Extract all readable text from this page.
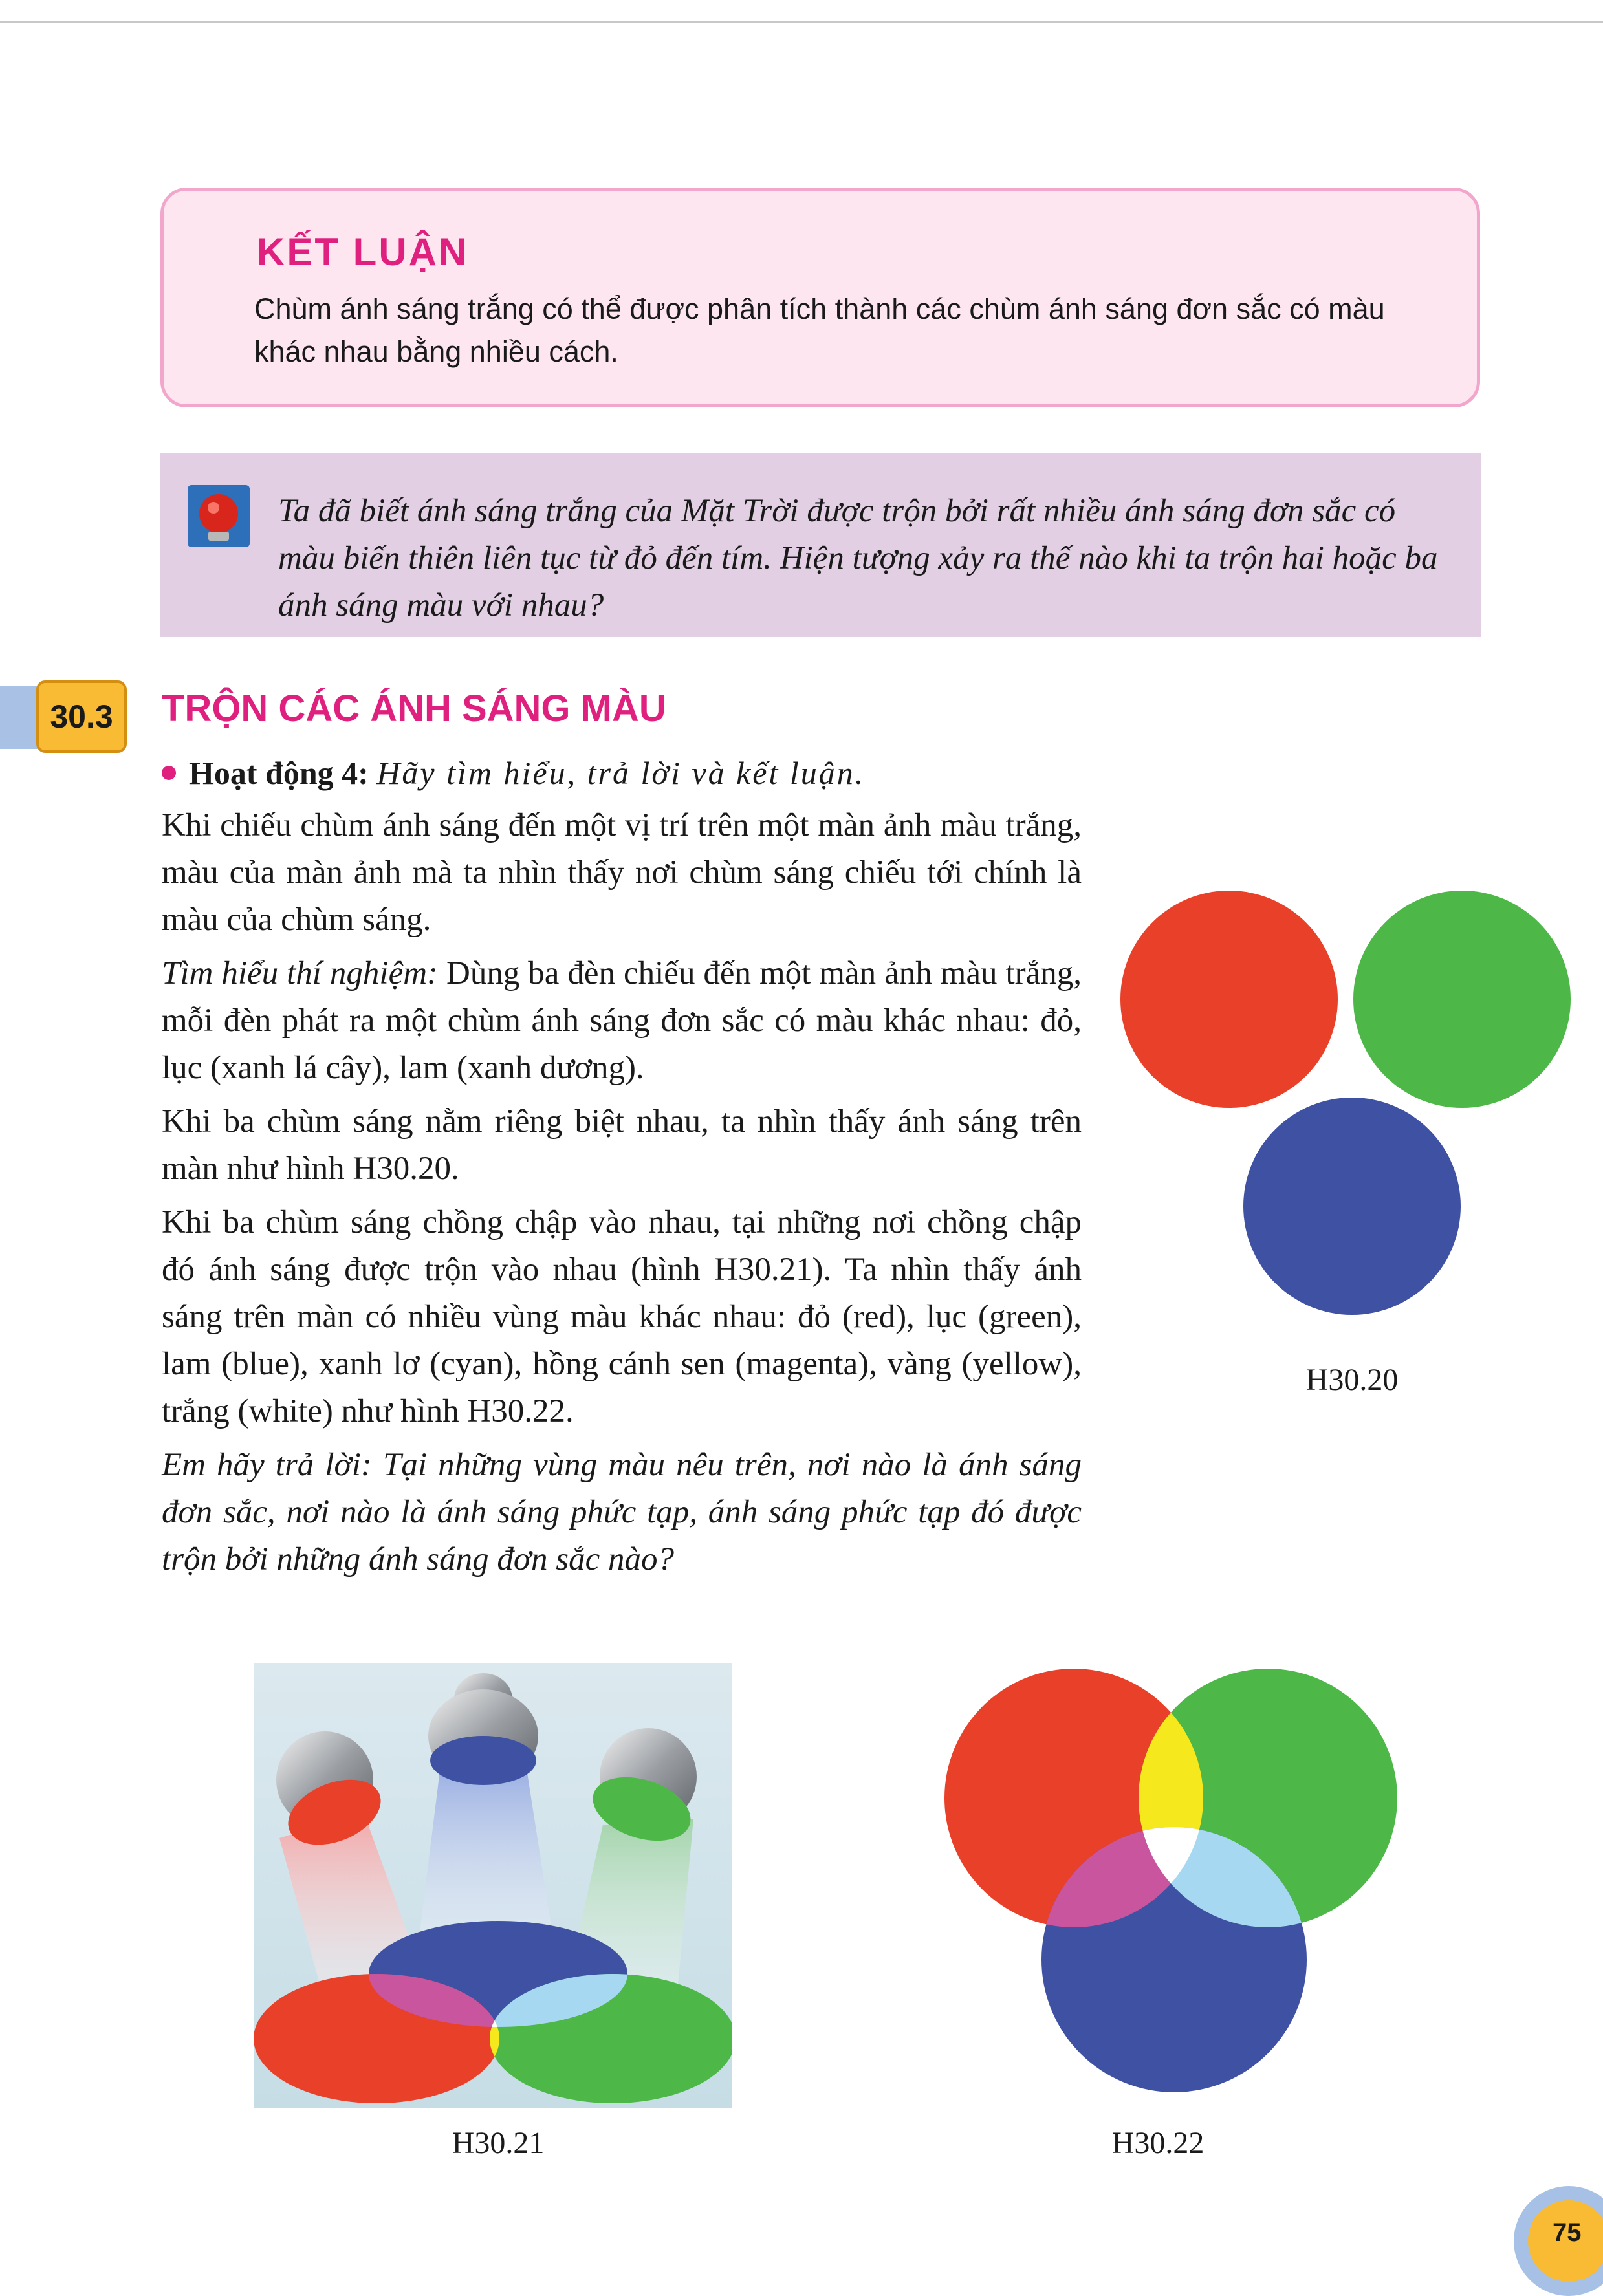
KẾT LUẬN

Chùm ánh sáng trắng có thể được phân tích thành các chùm ánh sáng đơn sắc có màu khác nhau bằng nhiều cách.

Ta đã biết ánh sáng trắng của Mặt Trời được trộn bởi rất nhiều ánh sáng đơn sắc có màu biến thiên liên tục từ đỏ đến tím. Hiện tượng xảy ra thế nào khi ta trộn hai hoặc ba ánh sáng màu với nhau?

30.3	TRỘN CÁC ÁNH SÁNG MÀU

Hoạt động 4: Hãy tìm hiểu, trả lời và kết luận.

Khi chiếu chùm ánh sáng đến một vị trí trên một màn ảnh màu trắng, màu của màn ảnh mà ta nhìn thấy nơi chùm sáng chiếu tới chính là màu của chùm sáng.

Tìm hiểu thí nghiệm: Dùng ba đèn chiếu đến một màn ảnh màu trắng, mỗi đèn phát ra một chùm ánh sáng đơn sắc có màu khác nhau: đỏ, lục (xanh lá cây), lam (xanh dương).

Khi ba chùm sáng nằm riêng biệt nhau, ta nhìn thấy ánh sáng trên màn như hình H30.20.

Khi ba chùm sáng chồng chập vào nhau, tại những nơi chồng chập đó ánh sáng được trộn vào nhau (hình H30.21). Ta nhìn thấy ánh sáng trên màn có nhiều vùng màu khác nhau: đỏ (red), lục (green), lam (blue), xanh lơ (cyan), hồng cánh sen (magenta), vàng (yellow), trắng (white) như hình H30.22.

Em hãy trả lời: Tại những vùng màu nêu trên, nơi nào là ánh sáng đơn sắc, nơi nào là ánh sáng phức tạp, ánh sáng phức tạp đó được trộn bởi những ánh sáng đơn sắc nào?

H30.20

H30.21	H30.22

75
